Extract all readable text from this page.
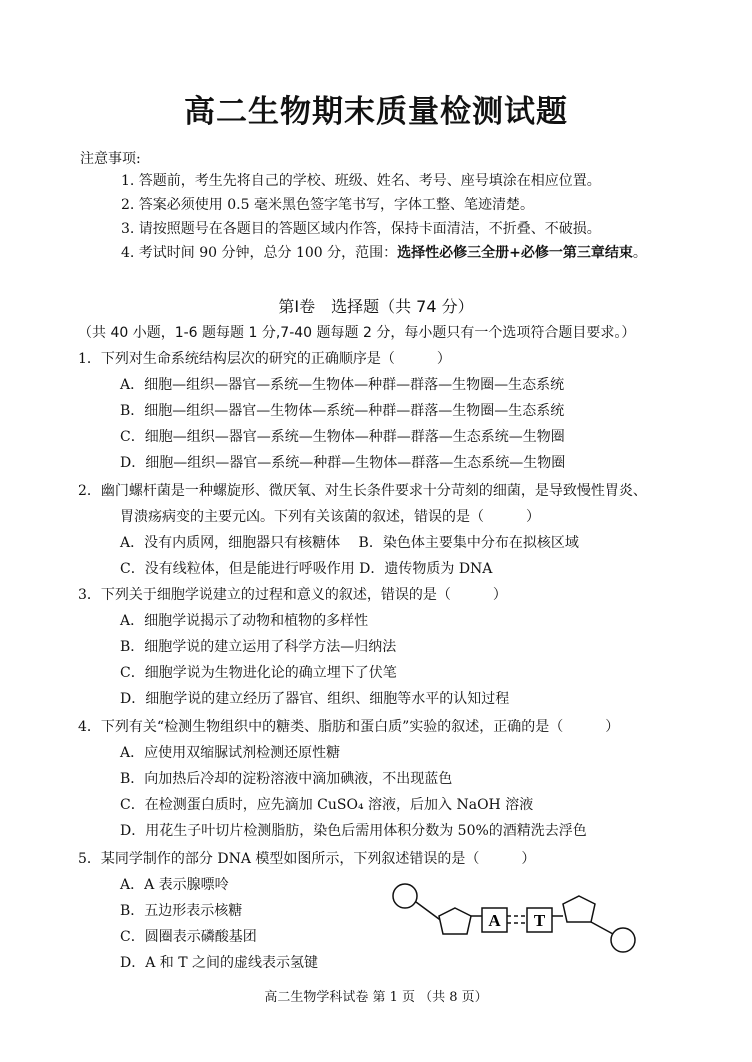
高二生物期末质量检测试题
注意事项:
1. 答题前，考生先将自己的学校、班级、姓名、考号、座号填涂在相应位置。
2. 答案必须使用 0.5 毫米黑色签字笔书写，字体工整、笔迹清楚。
3. 请按照题号在各题目的答题区域内作答，保持卡面清洁，不折叠、不破损。
4. 考试时间 90 分钟，总分 100 分，范围：选择性必修三全册+必修一第三章结束。
第Ⅰ卷　选择题（共 74 分）
（共 40 小题，1-6 题每题 1 分,7-40 题每题 2 分，每小题只有一个选项符合题目要求。）
1．下列对生命系统结构层次的研究的正确顺序是（　　　）
A．细胞—组织—器官—系统—生物体—种群—群落—生物圈—生态系统
B．细胞—组织—器官—生物体—系统—种群—群落—生物圈—生态系统
C．细胞—组织—器官—系统—生物体—种群—群落—生态系统—生物圈
D．细胞—组织—器官—系统—种群—生物体—群落—生态系统—生物圈
2．幽门螺杆菌是一种螺旋形、微厌氧、对生长条件要求十分苛刻的细菌，是导致慢性胃炎、
胃溃疡病变的主要元凶。下列有关该菌的叙述，错误的是（　　　）
A．没有内质网，细胞器只有核糖体　 B．染色体主要集中分布在拟核区域
C．没有线粒体，但是能进行呼吸作用 D．遗传物质为 DNA
3．下列关于细胞学说建立的过程和意义的叙述，错误的是（　　　）
A．细胞学说揭示了动物和植物的多样性
B．细胞学说的建立运用了科学方法—归纳法
C．细胞学说为生物进化论的确立埋下了伏笔
D．细胞学说的建立经历了器官、组织、细胞等水平的认知过程
4．下列有关“检测生物组织中的糖类、脂肪和蛋白质”实验的叙述，正确的是（　　　）
A．应使用双缩脲试剂检测还原性糖
B．向加热后冷却的淀粉溶液中滴加碘液，不出现蓝色
C．在检测蛋白质时，应先滴加 CuSO₄ 溶液，后加入 NaOH 溶液
D．用花生子叶切片检测脂肪，染色后需用体积分数为 50%的酒精洗去浮色
5．某同学制作的部分 DNA 模型如图所示，下列叙述错误的是（　　　）
A．A 表示腺嘌呤
B．五边形表示核糖
C．圆圈表示磷酸基团
D．A 和 T 之间的虚线表示氢键
A T
高二生物学科试卷 第 1 页 （共 8 页）
